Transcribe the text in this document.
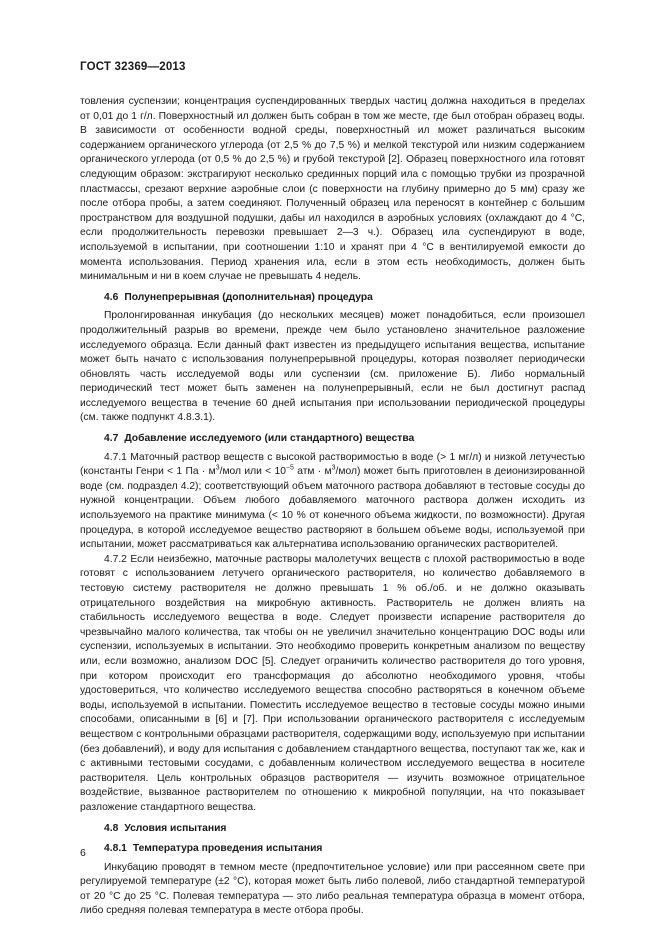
ГОСТ 32369—2013

товления суспензии; концентрация суспендированных твердых частиц должна находиться в пределах от 0,01 до 1 г/л. Поверхностный ил должен быть собран в том же месте, где был отобран образец воды. В зависимости от особенности водной среды, поверхностный ил может различаться высоким содержанием органического углерода (от 2,5 % до 7,5 %) и мелкой текстурой или низким содержанием органического углерода (от 0,5 % до 2,5 %) и грубой текстурой [2]. Образец поверхностного ила готовят следующим образом: экстрагируют несколько срединных порций ила с помощью трубки из прозрачной пластмассы, срезают верхние аэробные слои (с поверхности на глубину примерно до 5 мм) сразу же после отбора пробы, а затем соединяют. Полученный образец ила переносят в контейнер с большим пространством для воздушной подушки, дабы ил находился в аэробных условиях (охлаждают до 4 °С, если продолжительность перевозки превышает 2—3 ч.). Образец ила суспендируют в воде, используемой в испытании, при соотношении 1:10 и хранят при 4 °С в вентилируемой емкости до момента использования. Период хранения ила, если в этом есть необходимость, должен быть минимальным и ни в коем случае не превышать 4 недель.

4.6 Полунепрерывная (дополнительная) процедура

Пролонгированная инкубация (до нескольких месяцев) может понадобиться, если произошел продолжительный разрыв во времени, прежде чем было установлено значительное разложение исследуемого образца. Если данный факт известен из предыдущего испытания вещества, испытание может быть начато с использования полунепрерывной процедуры, которая позволяет периодически обновлять часть исследуемой воды или суспензии (см. приложение Б). Либо нормальный периодический тест может быть заменен на полунепрерывный, если не был достигнут распад исследуемого вещества в течение 60 дней испытания при использовании периодической процедуры (см. также подпункт 4.8.3.1).

4.7 Добавление исследуемого (или стандартного) вещества

4.7.1 Маточный раствор веществ с высокой растворимостью в воде (> 1 мг/л) и низкой летучестью (константы Генри < 1 Па · $м^3$/мол или < $10^{-5}$ атм · $м^3/мол$) может быть приготовлен в деионизированной воде (см. подраздел 4.2); соответствующий объем маточного раствора добавляют в тестовые сосуды до нужной концентрации. Объем любого добавляемого маточного раствора должен исходить из используемого на практике минимума (< 10 % от конечного объема жидкости, по возможности). Другая процедура, в которой исследуемое вещество растворяют в большем объеме воды, используемой при испытании, может рассматриваться как альтернатива использованию органических растворителей.

4.7.2 Если неизбежно, маточные растворы малолетучих веществ с плохой растворимостью в воде готовят с использованием летучего органического растворителя, но количество добавляемого в тестовую систему растворителя не должно превышать 1 % об./об. и не должно оказывать отрицательного воздействия на микробную активность. Растворитель не должен влиять на стабильность исследуемого вещества в воде. Следует произвести испарение растворителя до чрезвычайно малого количества, так чтобы он не увеличил значительно концентрацию DOC воды или суспензии, используемых в испытании. Это необходимо проверить конкретным анализом по веществу или, если возможно, анализом DOC [5]. Следует ограничить количество растворителя до того уровня, при котором происходит его трансформация до абсолютно необходимого уровня, чтобы удостовериться, что количество исследуемого вещества способно растворяться в конечном объеме воды, используемой в испытании. Поместить исследуемое вещество в тестовые сосуды можно иными способами, описанными в [6] и [7]. При использовании органического растворителя с исследуемым веществом с контрольными образцами растворителя, содержащими воду, используемую при испытании (без добавлений), и воду для испытания с добавлением стандартного вещества, поступают так же, как и с активными тестовыми сосудами, с добавленным количеством исследуемого вещества в носителе растворителя. Цель контрольных образцов растворителя — изучить возможное отрицательное воздействие, вызванное растворителем по отношению к микробной популяции, на что показывает разложение стандартного вещества.

4.8 Условия испытания
4.8.1 Температура проведения испытания

Инкубацию проводят в темном месте (предпочтительное условие) или при рассеянном свете при регулируемой температуре (±2 °С), которая может быть либо полевой, либо стандартной температурой от 20 °С до 25 °С. Полевая температура — это либо реальная температура образца в момент отбора, либо средняя полевая температура в месте отбора пробы.

6
